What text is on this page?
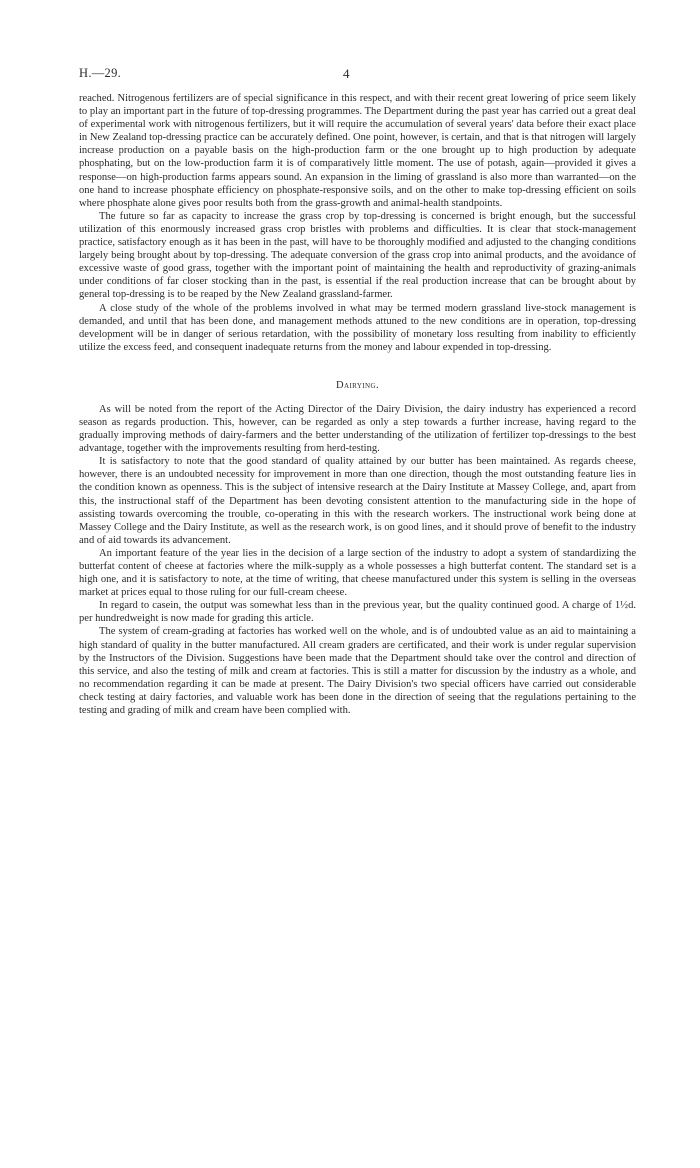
H.—29.	4

reached. Nitrogenous fertilizers are of special significance in this respect, and with their recent great lowering of price seem likely to play an important part in the future of top-dressing programmes. The Department during the past year has carried out a great deal of experimental work with nitrogenous fertilizers, but it will require the accumulation of several years' data before their exact place in New Zealand top-dressing practice can be accurately defined. One point, however, is certain, and that is that nitrogen will largely increase production on a payable basis on the high-production farm or the one brought up to high production by adequate phosphating, but on the low-production farm it is of comparatively little moment. The use of potash, again—provided it gives a response—on high-production farms appears sound. An expansion in the liming of grassland is also more than warranted—on the one hand to increase phosphate efficiency on phosphate-responsive soils, and on the other to make top-dressing efficient on soils where phosphate alone gives poor results both from the grass-growth and animal-health standpoints.

The future so far as capacity to increase the grass crop by top-dressing is concerned is bright enough, but the successful utilization of this enormously increased grass crop bristles with problems and difficulties. It is clear that stock-management practice, satisfactory enough as it has been in the past, will have to be thoroughly modified and adjusted to the changing conditions largely being brought about by top-dressing. The adequate conversion of the grass crop into animal products, and the avoidance of excessive waste of good grass, together with the important point of maintaining the health and reproductivity of grazing-animals under conditions of far closer stocking than in the past, is essential if the real production increase that can be brought about by general top-dressing is to be reaped by the New Zealand grassland-farmer.

A close study of the whole of the problems involved in what may be termed modern grassland live-stock management is demanded, and until that has been done, and management methods attuned to the new conditions are in operation, top-dressing development will be in danger of serious retardation, with the possibility of monetary loss resulting from inability to efficiently utilize the excess feed, and consequent inadequate returns from the money and labour expended in top-dressing.

Dairying.

As will be noted from the report of the Acting Director of the Dairy Division, the dairy industry has experienced a record season as regards production. This, however, can be regarded as only a step towards a further increase, having regard to the gradually improving methods of dairy-farmers and the better understanding of the utilization of fertilizer top-dressings to the best advantage, together with the improvements resulting from herd-testing.

It is satisfactory to note that the good standard of quality attained by our butter has been maintained. As regards cheese, however, there is an undoubted necessity for improvement in more than one direction, though the most outstanding feature lies in the condition known as openness. This is the subject of intensive research at the Dairy Institute at Massey College, and, apart from this, the instructional staff of the Department has been devoting consistent attention to the manufacturing side in the hope of assisting towards overcoming the trouble, co-operating in this with the research workers. The instructional work being done at Massey College and the Dairy Institute, as well as the research work, is on good lines, and it should prove of benefit to the industry and of aid towards its advancement.

An important feature of the year lies in the decision of a large section of the industry to adopt a system of standardizing the butterfat content of cheese at factories where the milk-supply as a whole possesses a high butterfat content. The standard set is a high one, and it is satisfactory to note, at the time of writing, that cheese manufactured under this system is selling in the overseas market at prices equal to those ruling for our full-cream cheese.

In regard to casein, the output was somewhat less than in the previous year, but the quality continued good. A charge of 1½d. per hundredweight is now made for grading this article.

The system of cream-grading at factories has worked well on the whole, and is of undoubted value as an aid to maintaining a high standard of quality in the butter manufactured. All cream graders are certificated, and their work is under regular supervision by the Instructors of the Division. Suggestions have been made that the Department should take over the control and direction of this service, and also the testing of milk and cream at factories. This is still a matter for discussion by the industry as a whole, and no recommendation regarding it can be made at present. The Dairy Division's two special officers have carried out considerable check testing at dairy factories, and valuable work has been done in the direction of seeing that the regulations pertaining to the testing and grading of milk and cream have been complied with.
